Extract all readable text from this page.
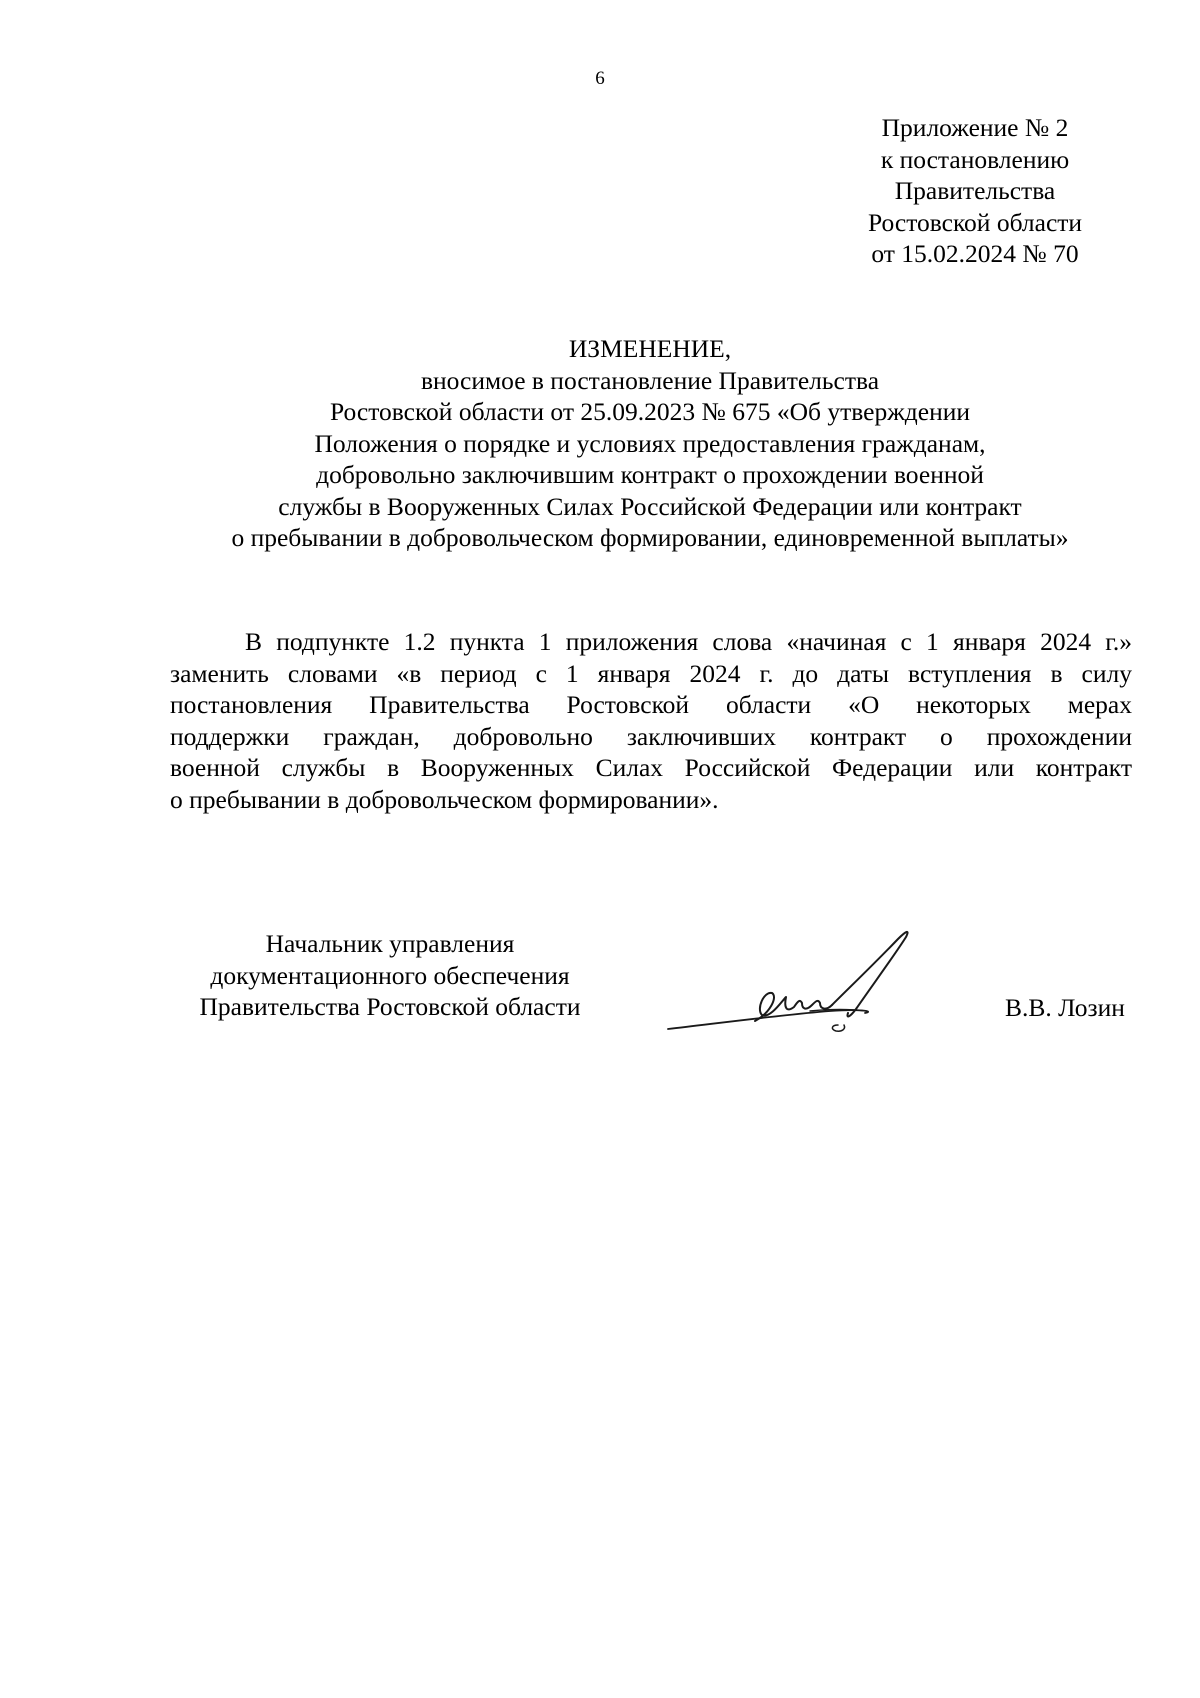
6
Приложение № 2
к постановлению
Правительства
Ростовской области
от 15.02.2024 № 70
ИЗМЕНЕНИЕ,
вносимое в постановление Правительства
Ростовской области от 25.09.2023 № 675 «Об утверждении
Положения о порядке и условиях предоставления гражданам,
добровольно заключившим контракт о прохождении военной
службы в Вооруженных Силах Российской Федерации или контракт
о пребывании в добровольческом формировании, единовременной выплаты»
В подпункте 1.2 пункта 1 приложения слова «начиная с 1 января 2024 г.»
заменить словами «в период с 1 января 2024 г. до даты вступления в силу
постановления Правительства Ростовской области «О некоторых мерах
поддержки граждан, добровольно заключивших контракт о прохождении
военной службы в Вооруженных Силах Российской Федерации или контракт
о пребывании в добровольческом формировании».
Начальник управления
документационного обеспечения
Правительства Ростовской области	В.В. Лозин
